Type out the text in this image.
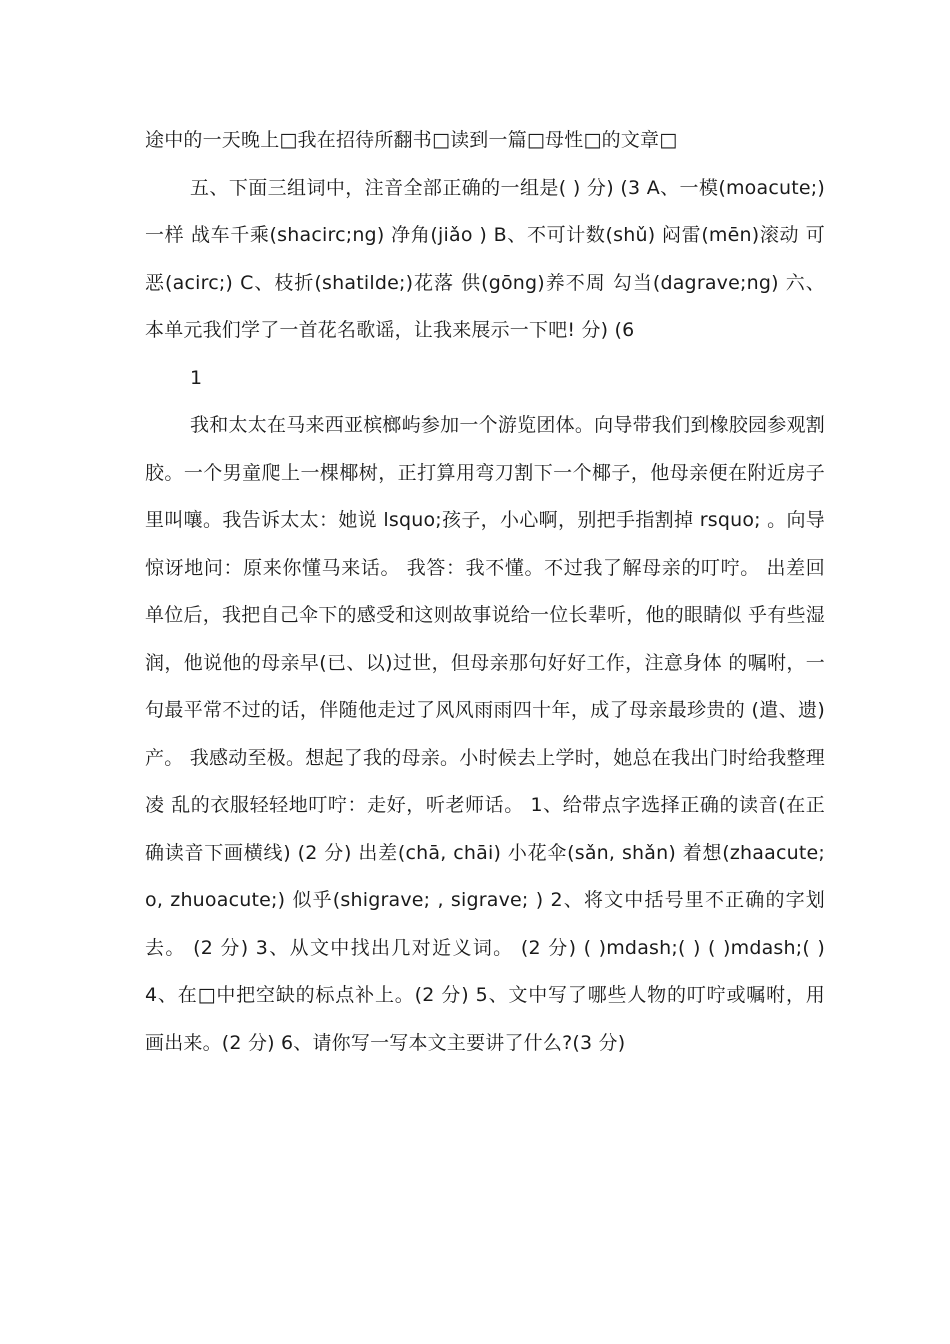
途中的一天晚上□我在招待所翻书□读到一篇□母性□的文章□

五、下面三组词中，注音全部正确的一组是( ) 分) (3 A、一模(moacute;)一样 战车千乘(shacirc;ng) 净角(jiǎo ) B、不可计数(shǔ) 闷雷(mēn)滚动 可恶(acirc;) C、枝折(shatilde;)花落 供(gōng)养不周 勾当(dagrave;ng) 六、本单元我们学了一首花名歌谣，让我来展示一下吧! 分) (6

1

我和太太在马来西亚槟榔屿参加一个游览团体。向导带我们到橡胶园参观割胶。一个男童爬上一棵椰树，正打算用弯刀割下一个椰子，他母亲便在附近房子里叫嚷。我告诉太太：她说 lsquo;孩子，小心啊，别把手指割掉 rsquo; 。向导惊讶地问：原来你懂马来话。 我答：我不懂。不过我了解母亲的叮咛。 出差回单位后，我把自己伞下的感受和这则故事说给一位长辈听，他的眼睛似 乎有些湿润，他说他的母亲早(已、以)过世，但母亲那句好好工作，注意身体 的嘱咐，一句最平常不过的话，伴随他走过了风风雨雨四十年，成了母亲最珍贵的 (遣、遗)产。 我感动至极。想起了我的母亲。小时候去上学时，她总在我出门时给我整理凌 乱的衣服轻轻地叮咛：走好，听老师话。 1、给带点字选择正确的读音(在正确读音下画横线) (2 分) 出差(chā, chāi) 小花伞(sǎn, shǎn) 着想(zhaacute;o, zhuoacute;) 似乎(shigrave; , sigrave; ) 2、将文中括号里不正确的字划去。 (2 分) 3、从文中找出几对近义词。 (2 分) ( )mdash;( ) ( )mdash;( ) 4、在□中把空缺的标点补上。(2 分) 5、文中写了哪些人物的叮咛或嘱咐，用 画出来。(2 分) 6、请你写一写本文主要讲了什么?(3 分)
